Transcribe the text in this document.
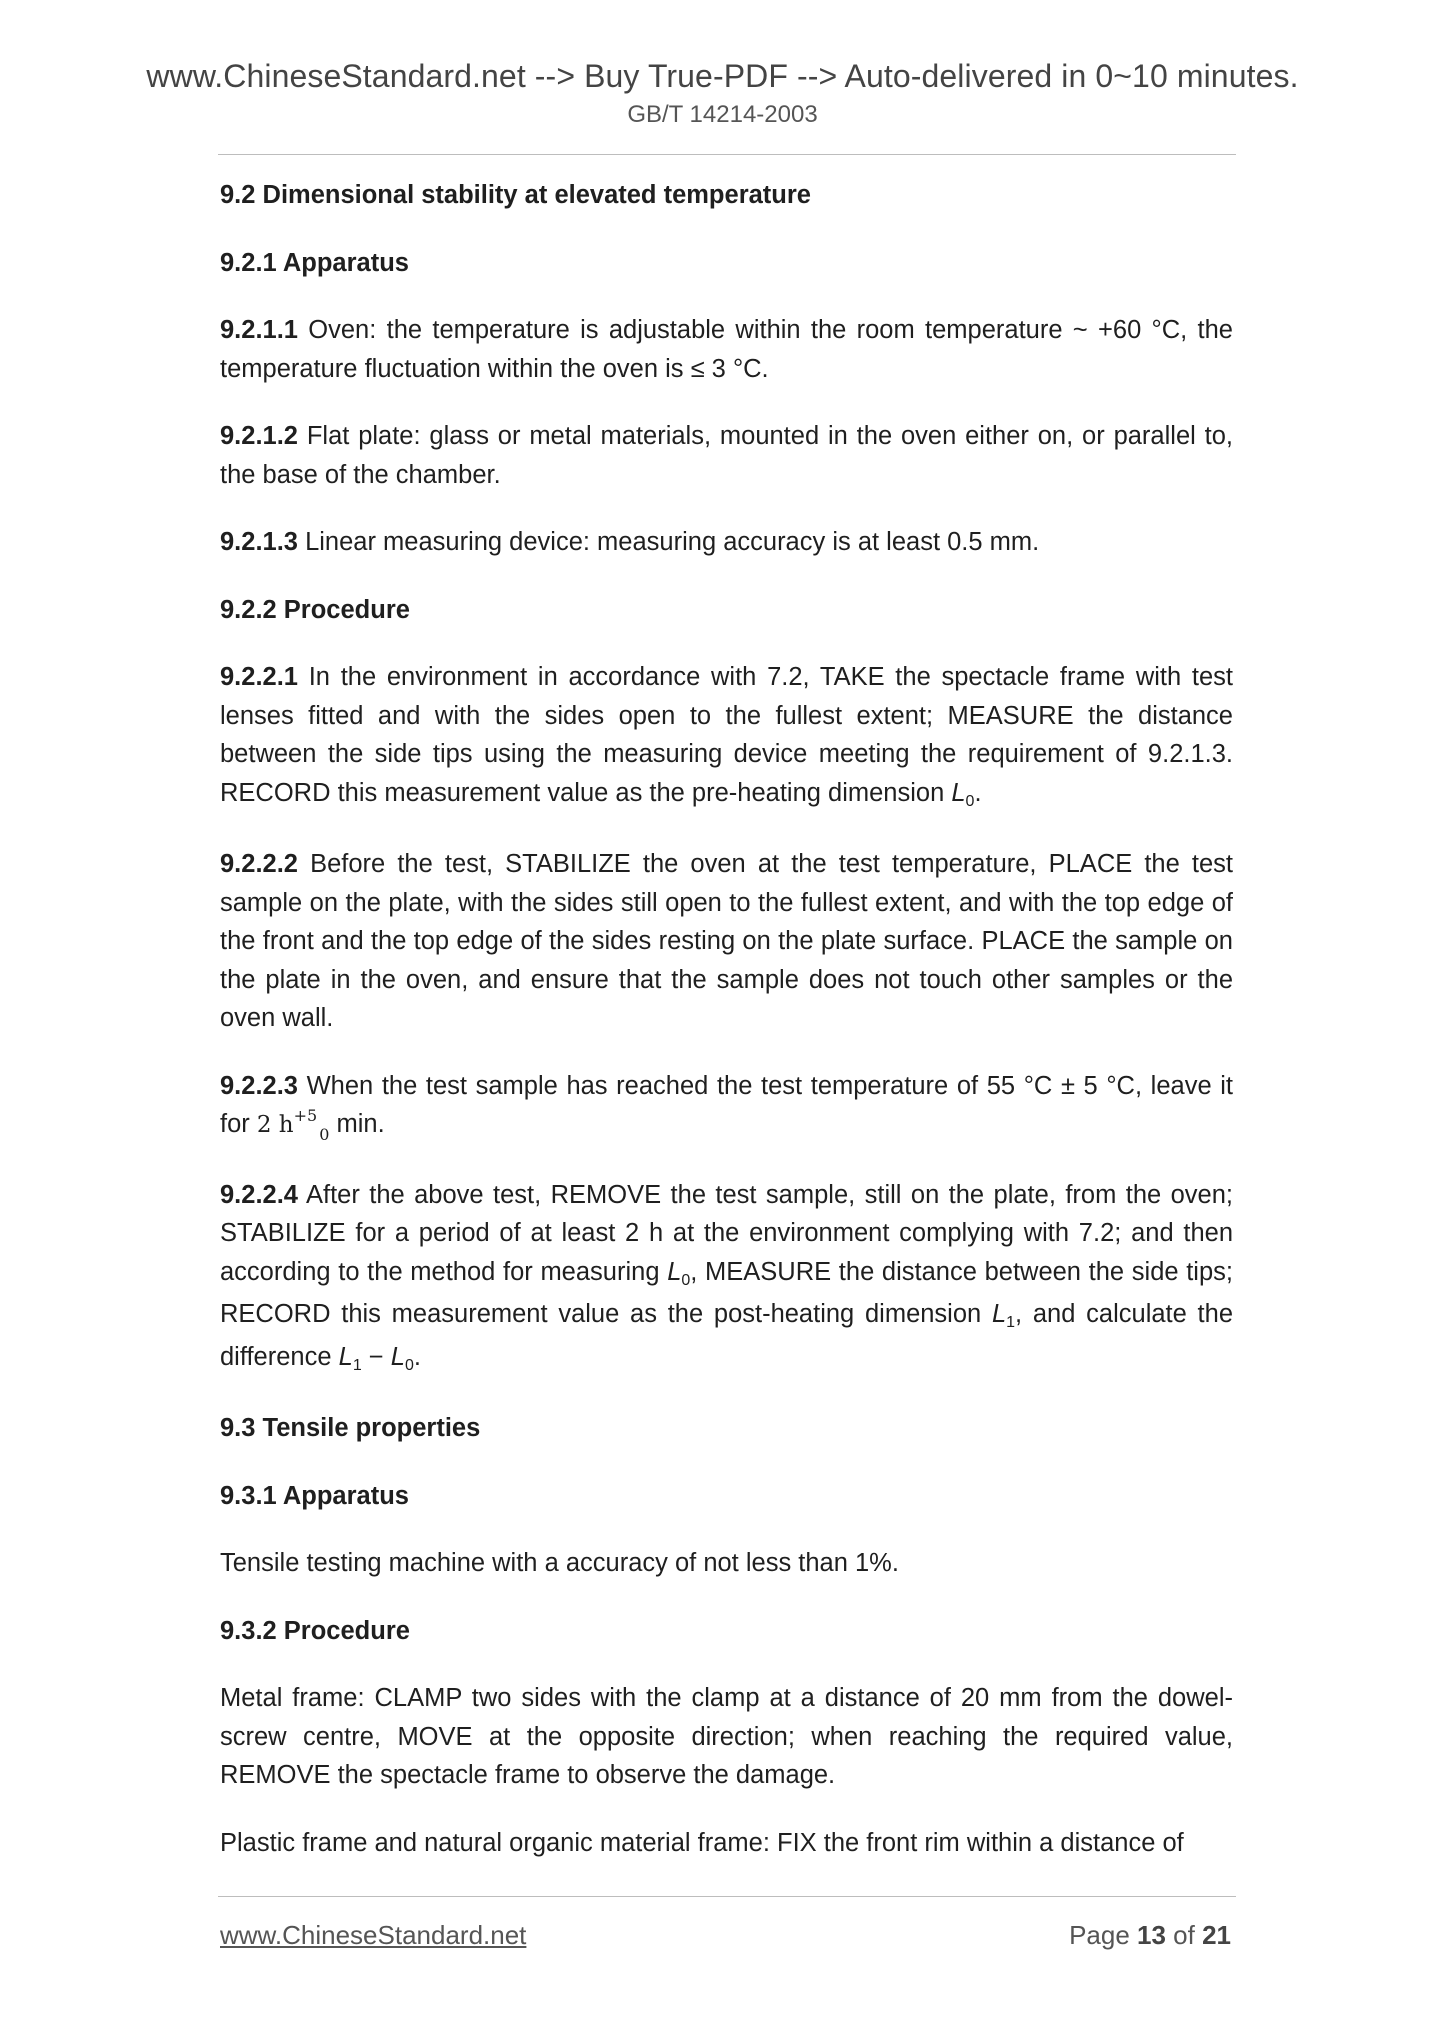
www.ChineseStandard.net --> Buy True-PDF --> Auto-delivered in 0~10 minutes.
GB/T 14214-2003

9.2 Dimensional stability at elevated temperature

9.2.1 Apparatus

9.2.1.1 Oven: the temperature is adjustable within the room temperature ~ +60 °C, the temperature fluctuation within the oven is ≤ 3 °C.

9.2.1.2 Flat plate: glass or metal materials, mounted in the oven either on, or parallel to, the base of the chamber.

9.2.1.3 Linear measuring device: measuring accuracy is at least 0.5 mm.

9.2.2 Procedure

9.2.2.1 In the environment in accordance with 7.2, TAKE the spectacle frame with test lenses fitted and with the sides open to the fullest extent; MEASURE the distance between the side tips using the measuring device meeting the requirement of 9.2.1.3. RECORD this measurement value as the pre-heating dimension L0.

9.2.2.2 Before the test, STABILIZE the oven at the test temperature, PLACE the test sample on the plate, with the sides still open to the fullest extent, and with the top edge of the front and the top edge of the sides resting on the plate surface. PLACE the sample on the plate in the oven, and ensure that the sample does not touch other samples or the oven wall.

9.2.2.3 When the test sample has reached the test temperature of 55 °C ± 5 °C, leave it for 2 $h^{+5}_0$ min.

9.2.2.4 After the above test, REMOVE the test sample, still on the plate, from the oven; STABILIZE for a period of at least 2 h at the environment complying with 7.2; and then according to the method for measuring L0, MEASURE the distance between the side tips; RECORD this measurement value as the post-heating dimension L1, and calculate the difference L1 − L0.

9.3 Tensile properties

9.3.1 Apparatus

Tensile testing machine with a accuracy of not less than 1%.

9.3.2 Procedure

Metal frame: CLAMP two sides with the clamp at a distance of 20 mm from the dowel-screw centre, MOVE at the opposite direction; when reaching the required value, REMOVE the spectacle frame to observe the damage.

Plastic frame and natural organic material frame: FIX the front rim within a distance of

www.ChineseStandard.net	Page 13 of 21
